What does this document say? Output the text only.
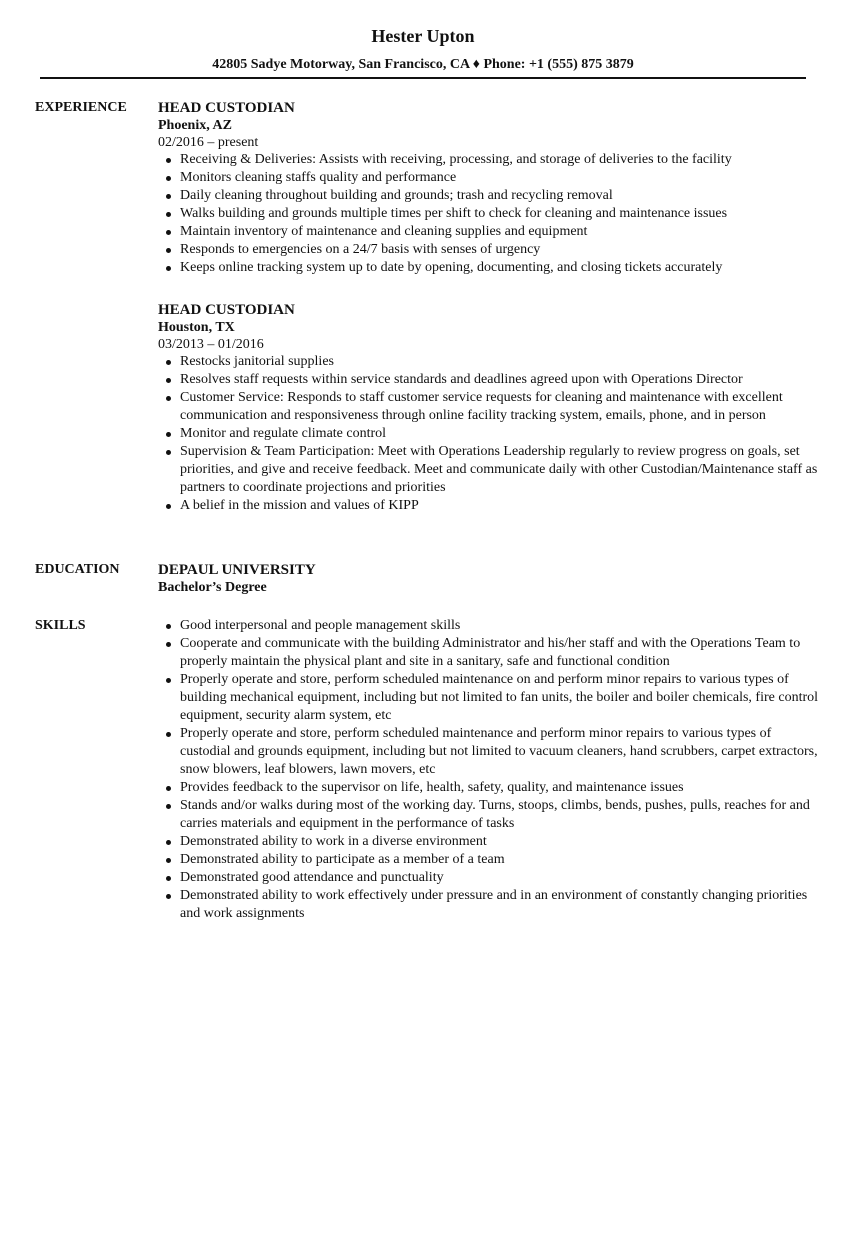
Hester Upton
42805 Sadye Motorway, San Francisco, CA ♦ Phone: +1 (555) 875 3879
EXPERIENCE HEAD CUSTODIAN
Phoenix, AZ
02/2016 – present
Receiving & Deliveries: Assists with receiving, processing, and storage of deliveries to the facility
Monitors cleaning staffs quality and performance
Daily cleaning throughout building and grounds; trash and recycling removal
Walks building and grounds multiple times per shift to check for cleaning and maintenance issues
Maintain inventory of maintenance and cleaning supplies and equipment
Responds to emergencies on a 24/7 basis with senses of urgency
Keeps online tracking system up to date by opening, documenting, and closing tickets accurately
HEAD CUSTODIAN
Houston, TX
03/2013 – 01/2016
Restocks janitorial supplies
Resolves staff requests within service standards and deadlines agreed upon with Operations Director
Customer Service: Responds to staff customer service requests for cleaning and maintenance with excellent communication and responsiveness through online facility tracking system, emails, phone, and in person
Monitor and regulate climate control
Supervision & Team Participation: Meet with Operations Leadership regularly to review progress on goals, set priorities, and give and receive feedback. Meet and communicate daily with other Custodian/Maintenance staff as partners to coordinate projections and priorities
A belief in the mission and values of KIPP
EDUCATION	DEPAUL UNIVERSITY
Bachelor’s Degree
SKILLS	Good interpersonal and people management skills
Cooperate and communicate with the building Administrator and his/her staff and with the Operations Team to properly maintain the physical plant and site in a sanitary, safe and functional condition
Properly operate and store, perform scheduled maintenance on and perform minor repairs to various types of building mechanical equipment, including but not limited to fan units, the boiler and boiler chemicals, fire control equipment, security alarm system, etc
Properly operate and store, perform scheduled maintenance and perform minor repairs to various types of custodial and grounds equipment, including but not limited to vacuum cleaners, hand scrubbers, carpet extractors, snow blowers, leaf blowers, lawn movers, etc
Provides feedback to the supervisor on life, health, safety, quality, and maintenance issues
Stands and/or walks during most of the working day. Turns, stoops, climbs, bends, pushes, pulls, reaches for and carries materials and equipment in the performance of tasks
Demonstrated ability to work in a diverse environment
Demonstrated ability to participate as a member of a team
Demonstrated good attendance and punctuality
Demonstrated ability to work effectively under pressure and in an environment of constantly changing priorities and work assignments
